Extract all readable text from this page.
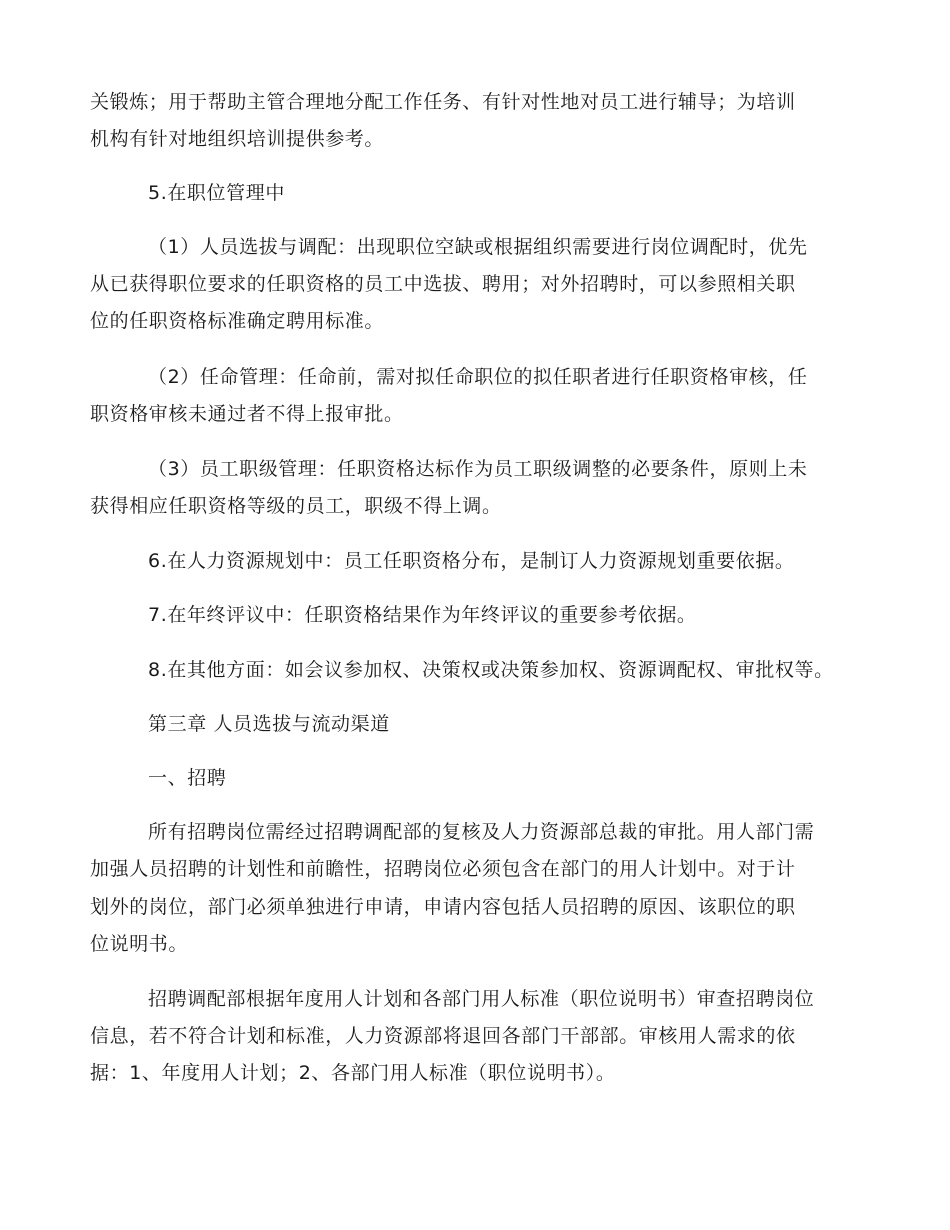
关锻炼；用于帮助主管合理地分配工作任务、有针对性地对员工进行辅导；为培训
机构有针对地组织培训提供参考。
5.在职位管理中
（1）人员选拔与调配：出现职位空缺或根据组织需要进行岗位调配时，优先
从已获得职位要求的任职资格的员工中选拔、聘用；对外招聘时，可以参照相关职
位的任职资格标准确定聘用标准。
（2）任命管理：任命前，需对拟任命职位的拟任职者进行任职资格审核，任
职资格审核未通过者不得上报审批。
（3）员工职级管理：任职资格达标作为员工职级调整的必要条件，原则上未
获得相应任职资格等级的员工，职级不得上调。
6.在人力资源规划中：员工任职资格分布，是制订人力资源规划重要依据。
7.在年终评议中：任职资格结果作为年终评议的重要参考依据。
8.在其他方面：如会议参加权、决策权或决策参加权、资源调配权、审批权等。
第三章 人员选拔与流动渠道
一、招聘
所有招聘岗位需经过招聘调配部的复核及人力资源部总裁的审批。用人部门需
加强人员招聘的计划性和前瞻性，招聘岗位必须包含在部门的用人计划中。对于计
划外的岗位，部门必须单独进行申请，申请内容包括人员招聘的原因、该职位的职
位说明书。
招聘调配部根据年度用人计划和各部门用人标准（职位说明书）审查招聘岗位
信息，若不符合计划和标准，人力资源部将退回各部门干部部。审核用人需求的依
据：1、年度用人计划；2、各部门用人标准（职位说明书）。
